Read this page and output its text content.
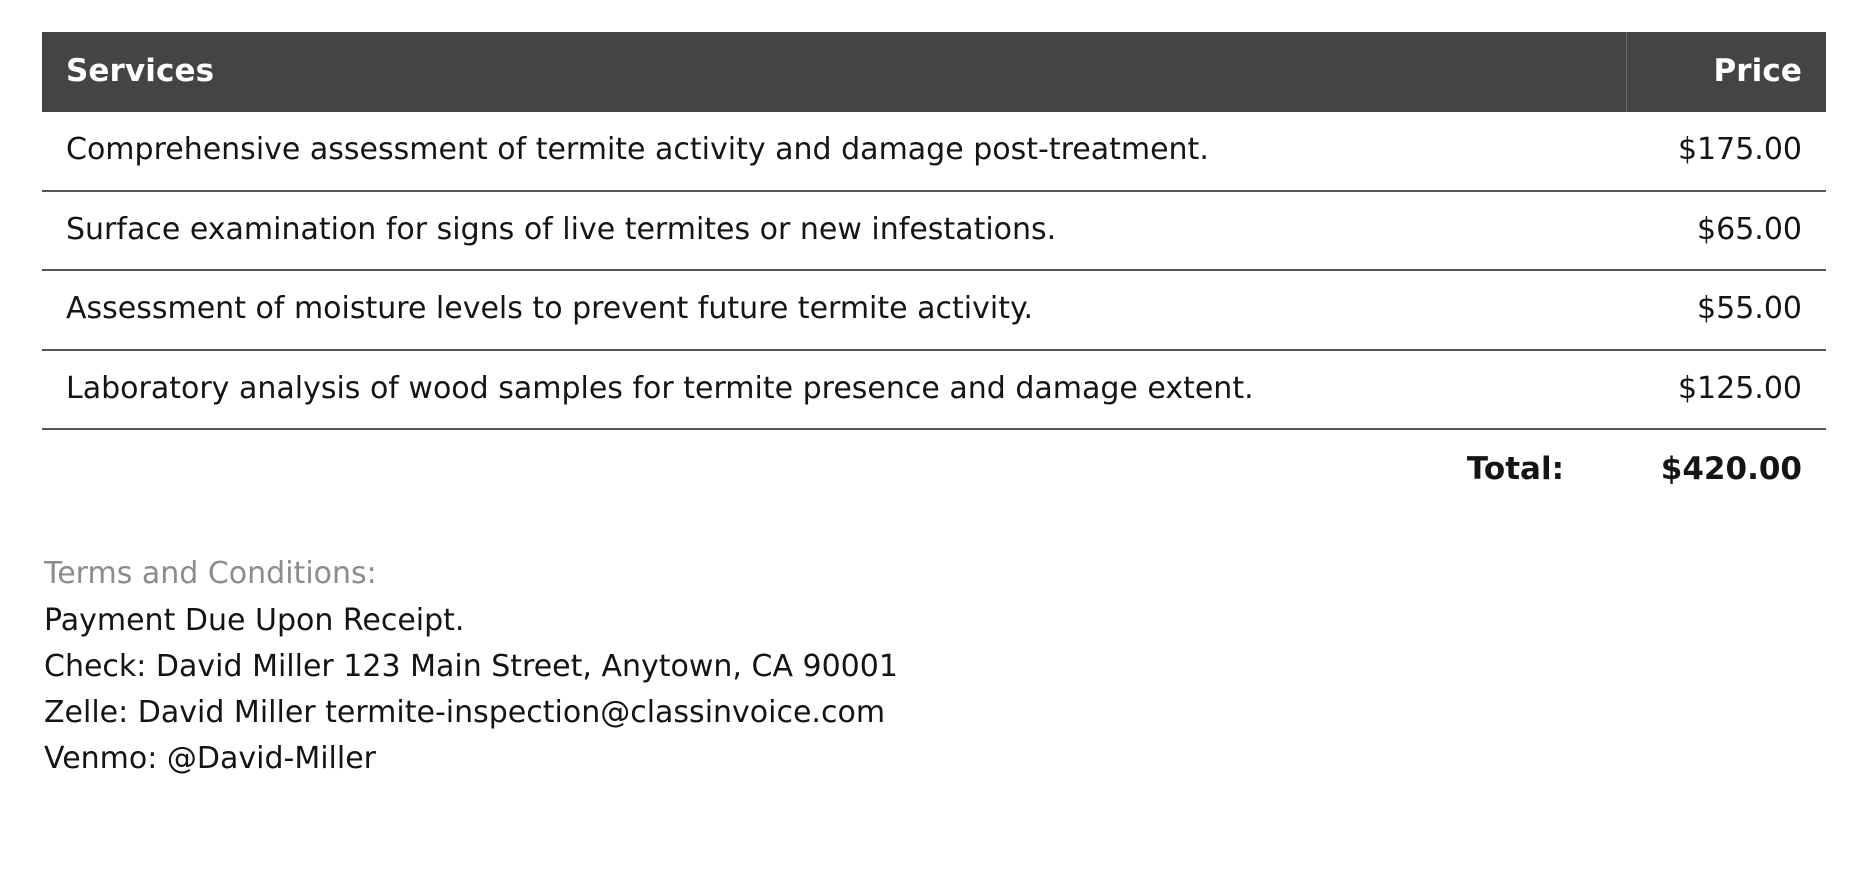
Services	Price
Comprehensive assessment of termite activity and damage post-treatment.	$175.00
Surface examination for signs of live termites or new infestations.	$65.00
Assessment of moisture levels to prevent future termite activity.	$55.00
Laboratory analysis of wood samples for termite presence and damage extent.	$125.00
Total:	$420.00
Terms and Conditions:
Payment Due Upon Receipt.
Check: David Miller 123 Main Street, Anytown, CA 90001
Zelle: David Miller termite-inspection@classinvoice.com
Venmo: @David-Miller
